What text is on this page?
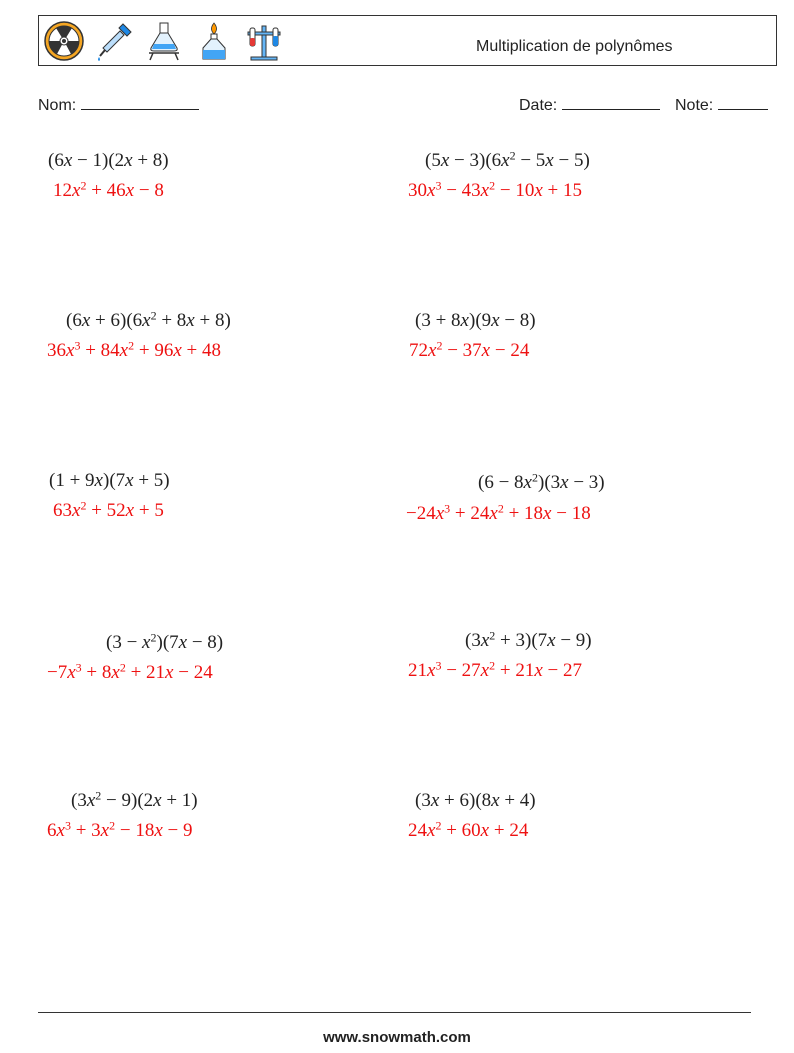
Multiplication de polynômes
Nom:	Date:	Note:
(6x − 1)(2x + 8)
$12x^2 + 46x - 8$
$(5x - 3)(6x^2 - 5x - 5)$
$30x^3 - 43x^2 - 10x + 15$
$(6x + 6)(6x^2 + 8x + 8)$
$36x^3 + 84x^2 + 96x + 48$
(3 + 8x)(9x − 8)
$72x^2 - 37x - 24$
(1 + 9x)(7x + 5)
$63x^2 + 52x + 5$
$(6 - 8x^2)(3x - 3)$
$-24x^3 + 24x^2 + 18x - 18$
$(3 - x^2)(7x - 8)$
$-7x^3 + 8x^2 + 21x - 24$
$(3x^2 + 3)(7x - 9)$
$21x^3 - 27x^2 + 21x - 27$
$(3x^2 - 9)(2x + 1)$
$6x^3 + 3x^2 - 18x - 9$
(3x + 6)(8x + 4)
$24x^2 + 60x + 24$
www.snowmath.com
